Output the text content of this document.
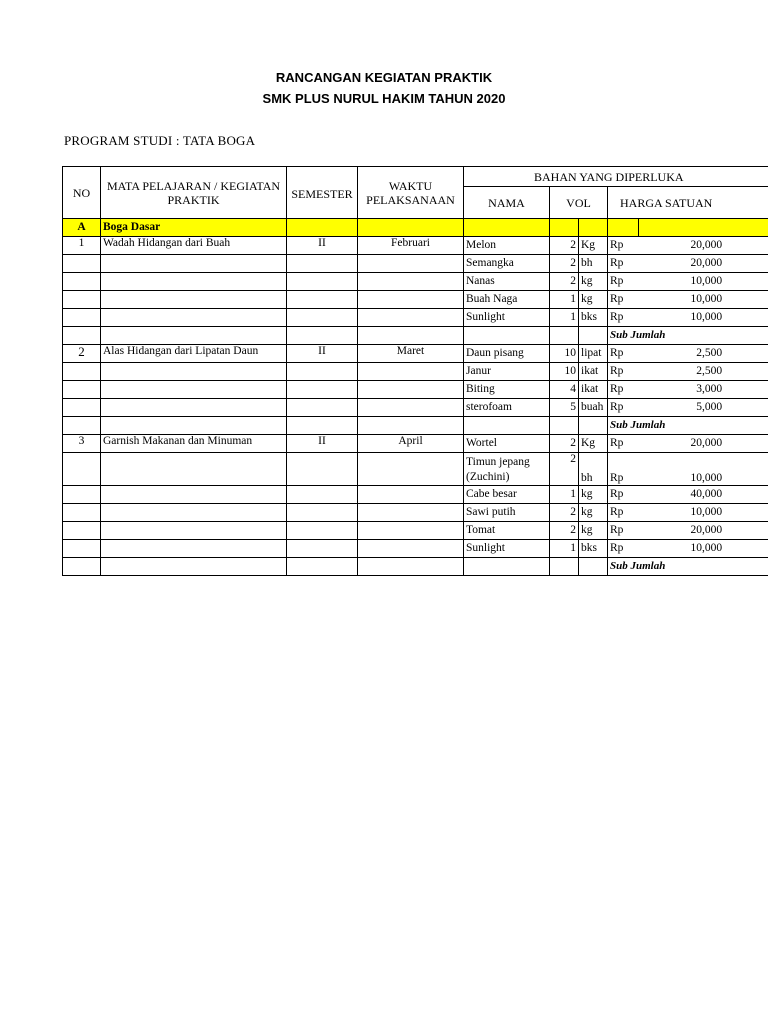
RANCANGAN KEGIATAN PRAKTIK
SMK PLUS NURUL HAKIM TAHUN 2020
PROGRAM STUDI : TATA BOGA
NO	MATA PELAJARAN / KEGIATAN PRAKTIK	SEMESTER	WAKTU PELAKSANAAN	BAHAN YANG DIPERLUKA				
				NAMA	VOL		HARGA SATUAN	
A	Boga Dasar							
1	Wadah Hidangan dari Buah	II	Februari	Melon	2	Kg	Rp	20,000
				Semangka	2	bh	Rp	20,000
				Nanas	2	kg	Rp	10,000
				Buah Naga	1	kg	Rp	10,000
				Sunlight	1	bks	Rp	10,000
							Sub Jumlah	
2	Alas Hidangan dari Lipatan Daun	II	Maret	Daun pisang	10	lipat	Rp	2,500
				Janur	10	ikat	Rp	2,500
				Biting	4	ikat	Rp	3,000
				sterofoam	5	buah	Rp	5,000
							Sub Jumlah	
3	Garnish Makanan dan Minuman	II	April	Wortel	2	Kg	Rp	20,000
				Timun jepang (Zuchini)	2	bh	Rp	10,000
				Cabe besar	1	kg	Rp	40,000
				Sawi putih	2	kg	Rp	10,000
				Tomat	2	kg	Rp	20,000
				Sunlight	1	bks	Rp	10,000
							Sub Jumlah	
